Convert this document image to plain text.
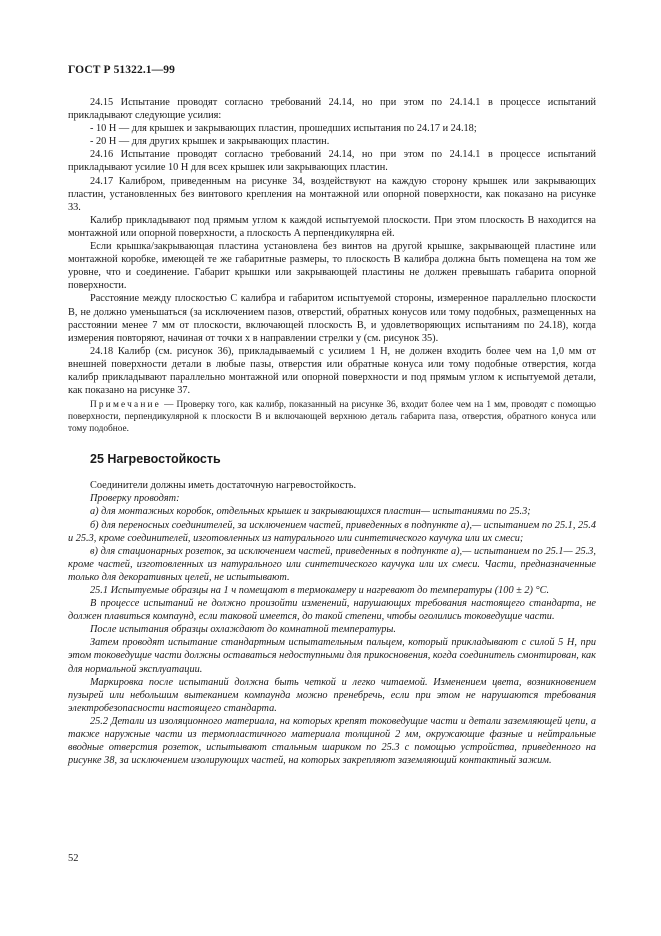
ГОСТ Р 51322.1—99

24.15 Испытание проводят согласно требований 24.14, но при этом по 24.14.1 в процессе испытаний прикладывают следующие усилия:

- 10 Н — для крышек и закрывающих пластин, прошедших испытания по 24.17 и 24.18;

- 20 Н — для других крышек и закрывающих пластин.

24.16 Испытание проводят согласно требований 24.14, но при этом по 24.14.1 в процессе испытаний прикладывают усилие 10 Н для всех крышек или закрывающих пластин.

24.17 Калибром, приведенным на рисунке 34, воздействуют на каждую сторону крышек или закрывающих пластин, установленных без винтового крепления на монтажной или опорной поверхности, как показано на рисунке 33.

Калибр прикладывают под прямым углом к каждой испытуемой плоскости. При этом плоскость B находится на монтажной или опорной поверхности, а плоскость A перпендикулярна ей.

Если крышка/закрывающая пластина установлена без винтов на другой крышке, закрывающей пластине или монтажной коробке, имеющей те же габаритные размеры, то плоскость B калибра должна быть помещена на том же уровне, что и соединение. Габарит крышки или закрывающей пластины не должен превышать габарита опорной поверхности.

Расстояние между плоскостью C калибра и габаритом испытуемой стороны, измеренное параллельно плоскости B, не должно уменьшаться (за исключением пазов, отверстий, обратных конусов или тому подобных, размещенных на расстоянии менее 7 мм от плоскости, включающей плоскость B, и удовлетворяющих испытаниям по 24.18), когда измерения повторяют, начиная от точки x в направлении стрелки y (см. рисунок 35).

24.18 Калибр (см. рисунок 36), прикладываемый с усилием 1 Н, не должен входить более чем на 1,0 мм от внешней поверхности детали в любые пазы, отверстия или обратные конуса или тому подобные отверстия, когда калибр прикладывают параллельно монтажной или опорной поверхности и под прямым углом к испытуемой детали, как показано на рисунке 37.

Примечание — Проверку того, как калибр, показанный на рисунке 36, входит более чем на 1 мм, проводят с помощью поверхности, перпендикулярной к плоскости B и включающей верхнюю деталь габарита паза, отверстия, обратного конуса или тому подобное.

25 Нагревостойкость

Соединители должны иметь достаточную нагревостойкость.

Проверку проводят:

а) для монтажных коробок, отдельных крышек и закрывающихся пластин— испытаниями по 25.3;

б) для переносных соединителей, за исключением частей, приведенных в подпункте а),— испытанием по 25.1, 25.4 и 25.3, кроме соединителей, изготовленных из натурального или синтетического каучука или их смеси;

в) для стационарных розеток, за исключением частей, приведенных в подпункте а),— испытанием по 25.1— 25.3, кроме частей, изготовленных из натурального или синтетического каучука или их смеси. Части, предназначенные только для декоративных целей, не испытывают.

25.1 Испытуемые образцы на 1 ч помещают в термокамеру и нагревают до температуры (100 ± 2) °С.

В процессе испытаний не должно произойти изменений, нарушающих требования настоящего стандарта, не должен плавиться компаунд, если таковой имеется, до такой степени, чтобы оголились токоведущие части.

После испытания образцы охлаждают до комнатной температуры.

Затем проводят испытание стандартным испытательным пальцем, который прикладывают с силой 5 Н, при этом токоведущие части должны оставаться недоступными для прикосновения, когда соединитель смонтирован, как для нормальной эксплуатации.

Маркировка после испытаний должна быть четкой и легко читаемой. Изменением цвета, возникновением пузырей или небольшим вытеканием компаунда можно пренебречь, если при этом не нарушаются требования электробезопасности настоящего стандарта.

25.2 Детали из изоляционного материала, на которых крепят токоведущие части и детали заземляющей цепи, а также наружные части из термопластичного материала толщиной 2 мм, окружающие фазные и нейтральные вводные отверстия розеток, испытывают стальным шариком по 25.3 с помощью устройства, приведенного на рисунке 38, за исключением изолирующих частей, на которых закрепляют заземляющий контактный зажим.

52
